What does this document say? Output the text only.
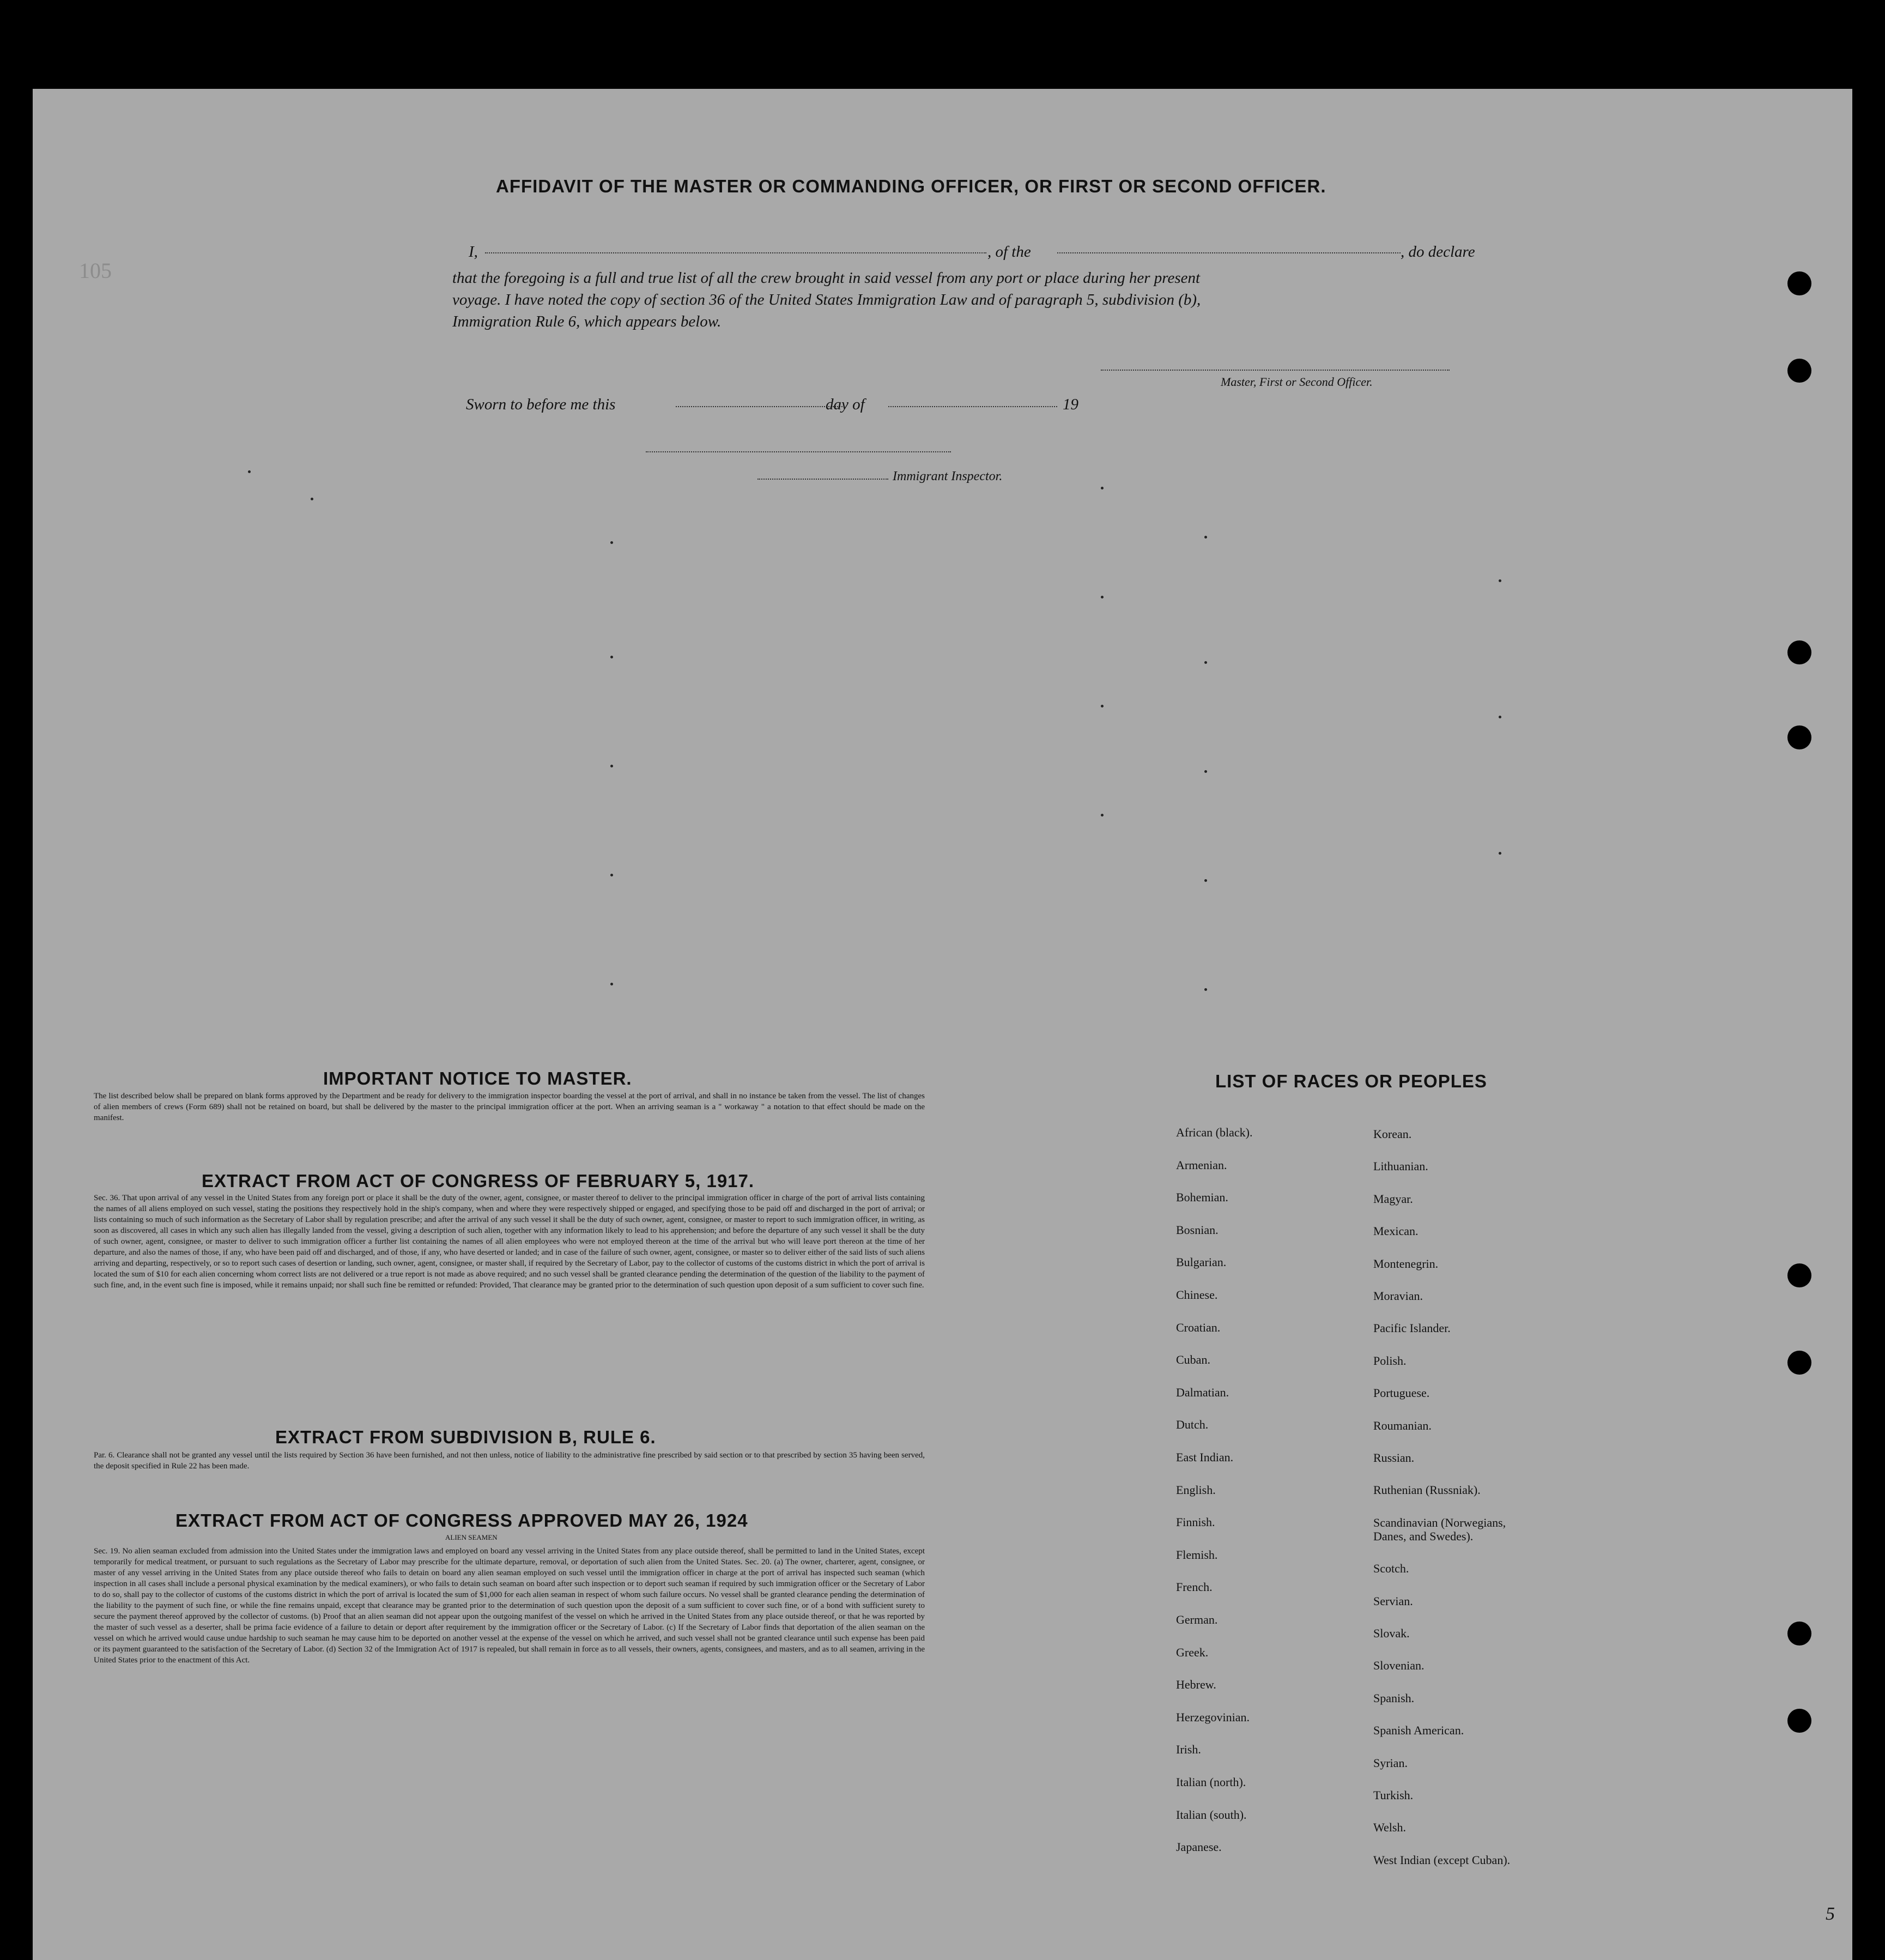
105
5
AFFIDAVIT OF THE MASTER OR COMMANDING OFFICER, OR FIRST OR SECOND OFFICER.
I,	, of the	, do declare
that the foregoing is a full and true list of all the crew brought in said vessel from any port or place during her present
voyage. I have noted the copy of section 36 of the United States Immigration Law and of paragraph 5, subdivision (b),
Immigration Rule 6, which appears below.
Master, First or Second Officer.
Sworn to before me this	day of	19
Immigrant Inspector.
IMPORTANT NOTICE TO MASTER.
The list described below shall be prepared on blank forms approved by the Department and be ready for delivery to the immigration inspector boarding the vessel at the port of arrival, and shall in no instance be taken from the vessel. The list of changes of alien members of crews (Form 689) shall not be retained on board, but shall be delivered by the master to the principal immigration officer at the port. When an arriving seaman is a " workaway " a notation to that effect should be made on the manifest.
EXTRACT FROM ACT OF CONGRESS OF FEBRUARY 5, 1917.
Sec. 36. That upon arrival of any vessel in the United States from any foreign port or place it shall be the duty of the owner, agent, consignee, or master thereof to deliver to the principal immigration officer in charge of the port of arrival lists containing the names of all aliens employed on such vessel, stating the positions they respectively hold in the ship's company, when and where they were respectively shipped or engaged, and specifying those to be paid off and discharged in the port of arrival; or lists containing so much of such information as the Secretary of Labor shall by regulation prescribe; and after the arrival of any such vessel it shall be the duty of such owner, agent, consignee, or master to report to such immigration officer, in writing, as soon as discovered, all cases in which any such alien has illegally landed from the vessel, giving a description of such alien, together with any information likely to lead to his apprehension; and before the departure of any such vessel it shall be the duty of such owner, agent, consignee, or master to deliver to such immigration officer a further list containing the names of all alien employees who were not employed thereon at the time of the arrival but who will leave port thereon at the time of her departure, and also the names of those, if any, who have been paid off and discharged, and of those, if any, who have deserted or landed; and in case of the failure of such owner, agent, consignee, or master so to deliver either of the said lists of such aliens arriving and departing, respectively, or so to report such cases of desertion or landing, such owner, agent, consignee, or master shall, if required by the Secretary of Labor, pay to the collector of customs of the customs district in which the port of arrival is located the sum of $10 for each alien concerning whom correct lists are not delivered or a true report is not made as above required; and no such vessel shall be granted clearance pending the determination of the question of the liability to the payment of such fine, and, in the event such fine is imposed, while it remains unpaid; nor shall such fine be remitted or refunded: Provided, That clearance may be granted prior to the determination of such question upon deposit of a sum sufficient to cover such fine.
EXTRACT FROM SUBDIVISION B, RULE 6.
Par. 6. Clearance shall not be granted any vessel until the lists required by Section 36 have been furnished, and not then unless, notice of liability to the administrative fine prescribed by said section or to that prescribed by section 35 having been served, the deposit specified in Rule 22 has been made.
EXTRACT FROM ACT OF CONGRESS APPROVED MAY 26, 1924
ALIEN SEAMEN
Sec. 19. No alien seaman excluded from admission into the United States under the immigration laws and employed on board any vessel arriving in the United States from any place outside thereof, shall be permitted to land in the United States, except temporarily for medical treatment, or pursuant to such regulations as the Secretary of Labor may prescribe for the ultimate departure, removal, or deportation of such alien from the United States. Sec. 20. (a) The owner, charterer, agent, consignee, or master of any vessel arriving in the United States from any place outside thereof who fails to detain on board any alien seaman employed on such vessel until the immigration officer in charge at the port of arrival has inspected such seaman (which inspection in all cases shall include a personal physical examination by the medical examiners), or who fails to detain such seaman on board after such inspection or to deport such seaman if required by such immigration officer or the Secretary of Labor to do so, shall pay to the collector of customs of the customs district in which the port of arrival is located the sum of $1,000 for each alien seaman in respect of whom such failure occurs. No vessel shall be granted clearance pending the determination of the liability to the payment of such fine, or while the fine remains unpaid, except that clearance may be granted prior to the determination of such question upon the deposit of a sum sufficient to cover such fine, or of a bond with sufficient surety to secure the payment thereof approved by the collector of customs. (b) Proof that an alien seaman did not appear upon the outgoing manifest of the vessel on which he arrived in the United States from any place outside thereof, or that he was reported by the master of such vessel as a deserter, shall be prima facie evidence of a failure to detain or deport after requirement by the immigration officer or the Secretary of Labor. (c) If the Secretary of Labor finds that deportation of the alien seaman on the vessel on which he arrived would cause undue hardship to such seaman he may cause him to be deported on another vessel at the expense of the vessel on which he arrived, and such vessel shall not be granted clearance until such expense has been paid or its payment guaranteed to the satisfaction of the Secretary of Labor. (d) Section 32 of the Immigration Act of 1917 is repealed, but shall remain in force as to all vessels, their owners, agents, consignees, and masters, and as to all seamen, arriving in the United States prior to the enactment of this Act.
LIST OF RACES OR PEOPLES
African (black).
Armenian.
Bohemian.
Bosnian.
Bulgarian.
Chinese.
Croatian.
Cuban.
Dalmatian.
Dutch.
East Indian.
English.
Finnish.
Flemish.
French.
German.
Greek.
Hebrew.
Herzegovinian.
Irish.
Italian (north).
Italian (south).
Japanese.
Korean.
Lithuanian.
Magyar.
Mexican.
Montenegrin.
Moravian.
Pacific Islander.
Polish.
Portuguese.
Roumanian.
Russian.
Ruthenian (Russniak).
Scandinavian (Norwegians,
Danes, and Swedes).
Scotch.
Servian.
Slovak.
Slovenian.
Spanish.
Spanish American.
Syrian.
Turkish.
Welsh.
West Indian (except Cuban).
